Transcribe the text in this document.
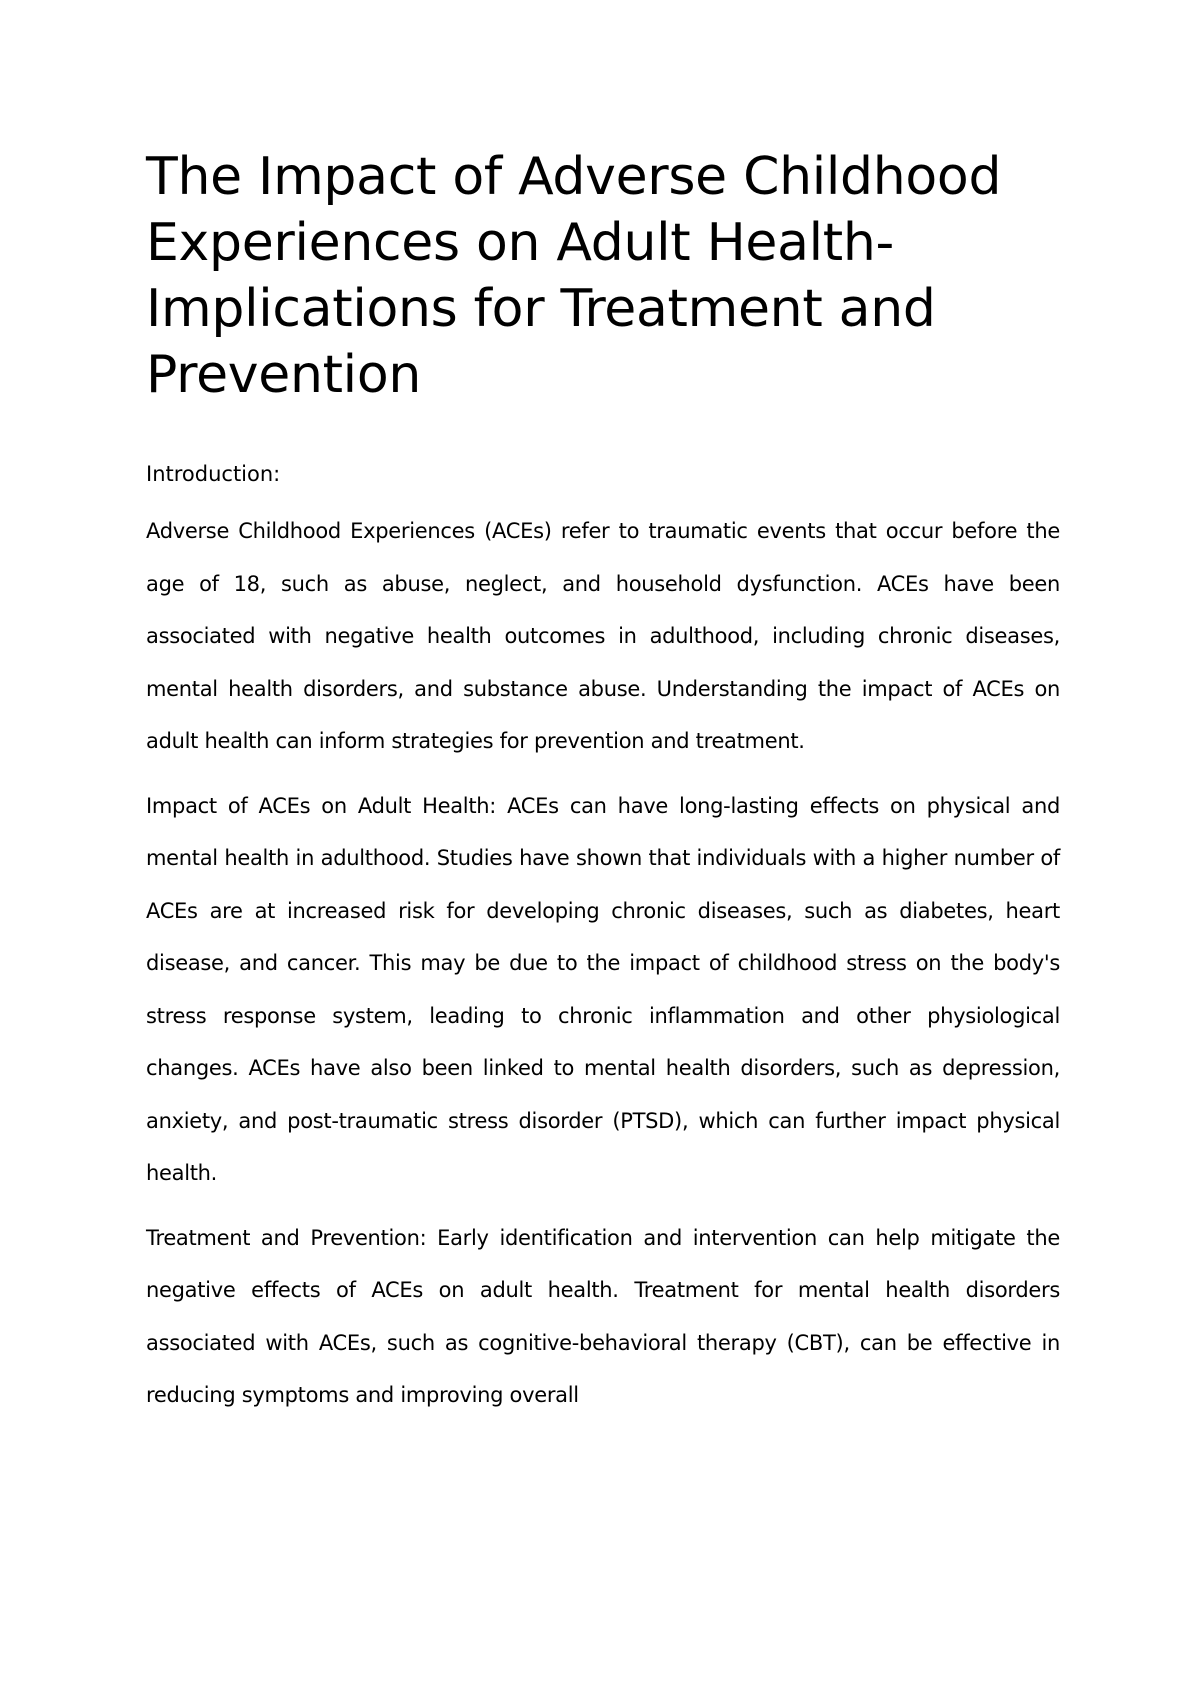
The Impact of Adverse Childhood Experiences on Adult Health- Implications for Treatment and Prevention

Introduction:

Adverse Childhood Experiences (ACEs) refer to traumatic events that occur before the age of 18, such as abuse, neglect, and household dysfunction. ACEs have been associated with negative health outcomes in adulthood, including chronic diseases, mental health disorders, and substance abuse. Understanding the impact of ACEs on adult health can inform strategies for prevention and treatment.

Impact of ACEs on Adult Health: ACEs can have long-lasting effects on physical and mental health in adulthood. Studies have shown that individuals with a higher number of ACEs are at increased risk for developing chronic diseases, such as diabetes, heart disease, and cancer. This may be due to the impact of childhood stress on the body's stress response system, leading to chronic inflammation and other physiological changes. ACEs have also been linked to mental health disorders, such as depression, anxiety, and post-traumatic stress disorder (PTSD), which can further impact physical health.

Treatment and Prevention: Early identification and intervention can help mitigate the negative effects of ACEs on adult health. Treatment for mental health disorders associated with ACEs, such as cognitive-behavioral therapy (CBT), can be effective in reducing symptoms and improving overall
